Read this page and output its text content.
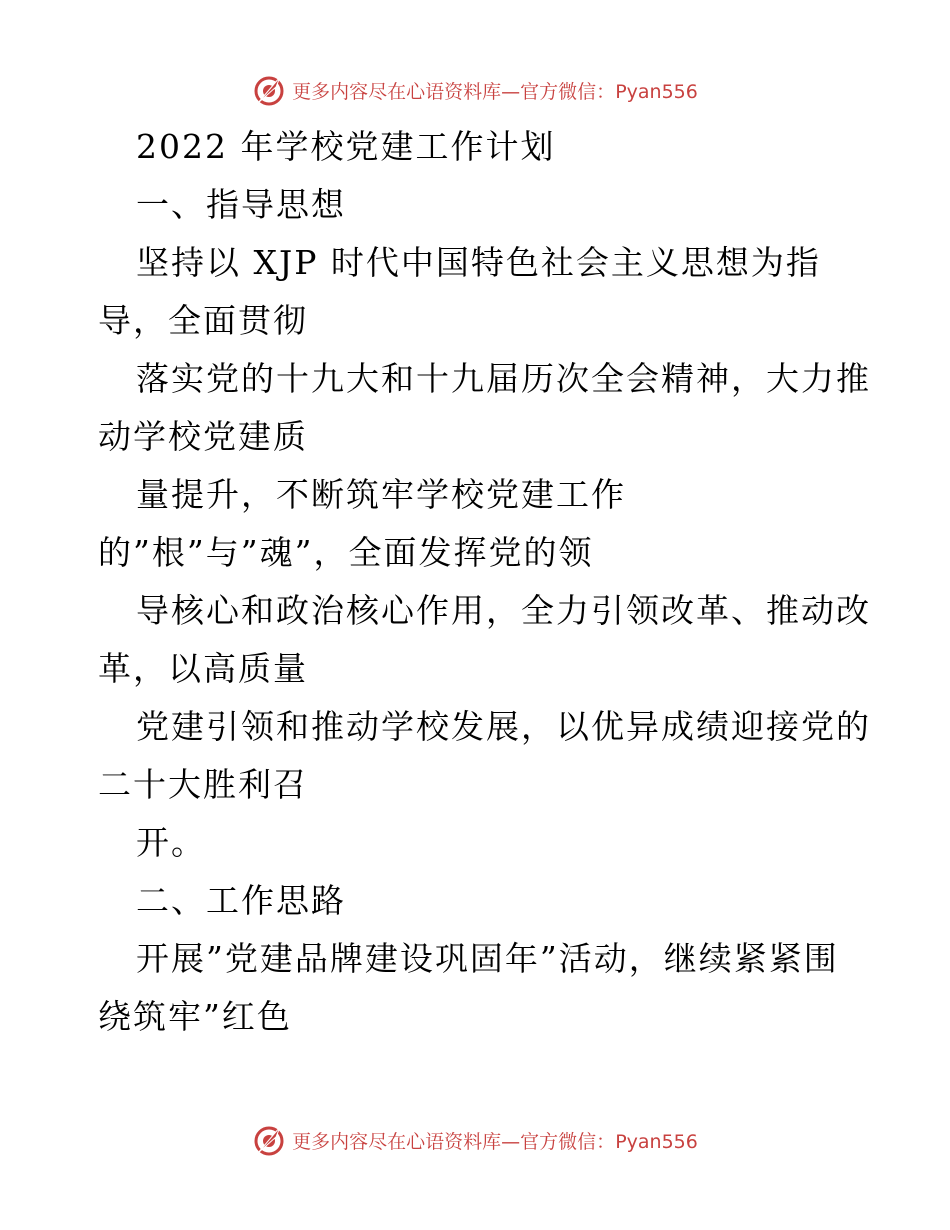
更多内容尽在心语资料库—官方微信：Pyan556
2022 年学校党建工作计划
一、指导思想
坚持以 XJP 时代中国特色社会主义思想为指
导，全面贯彻
落实党的十九大和十九届历次全会精神，大力推
动学校党建质
量提升，不断筑牢学校党建工作
的”根”与”魂”，全面发挥党的领
导核心和政治核心作用，全力引领改革、推动改
革，以高质量
党建引领和推动学校发展，以优异成绩迎接党的
二十大胜利召
开。
二、工作思路
开展”党建品牌建设巩固年”活动，继续紧紧围
绕筑牢”红色
更多内容尽在心语资料库—官方微信：Pyan556
